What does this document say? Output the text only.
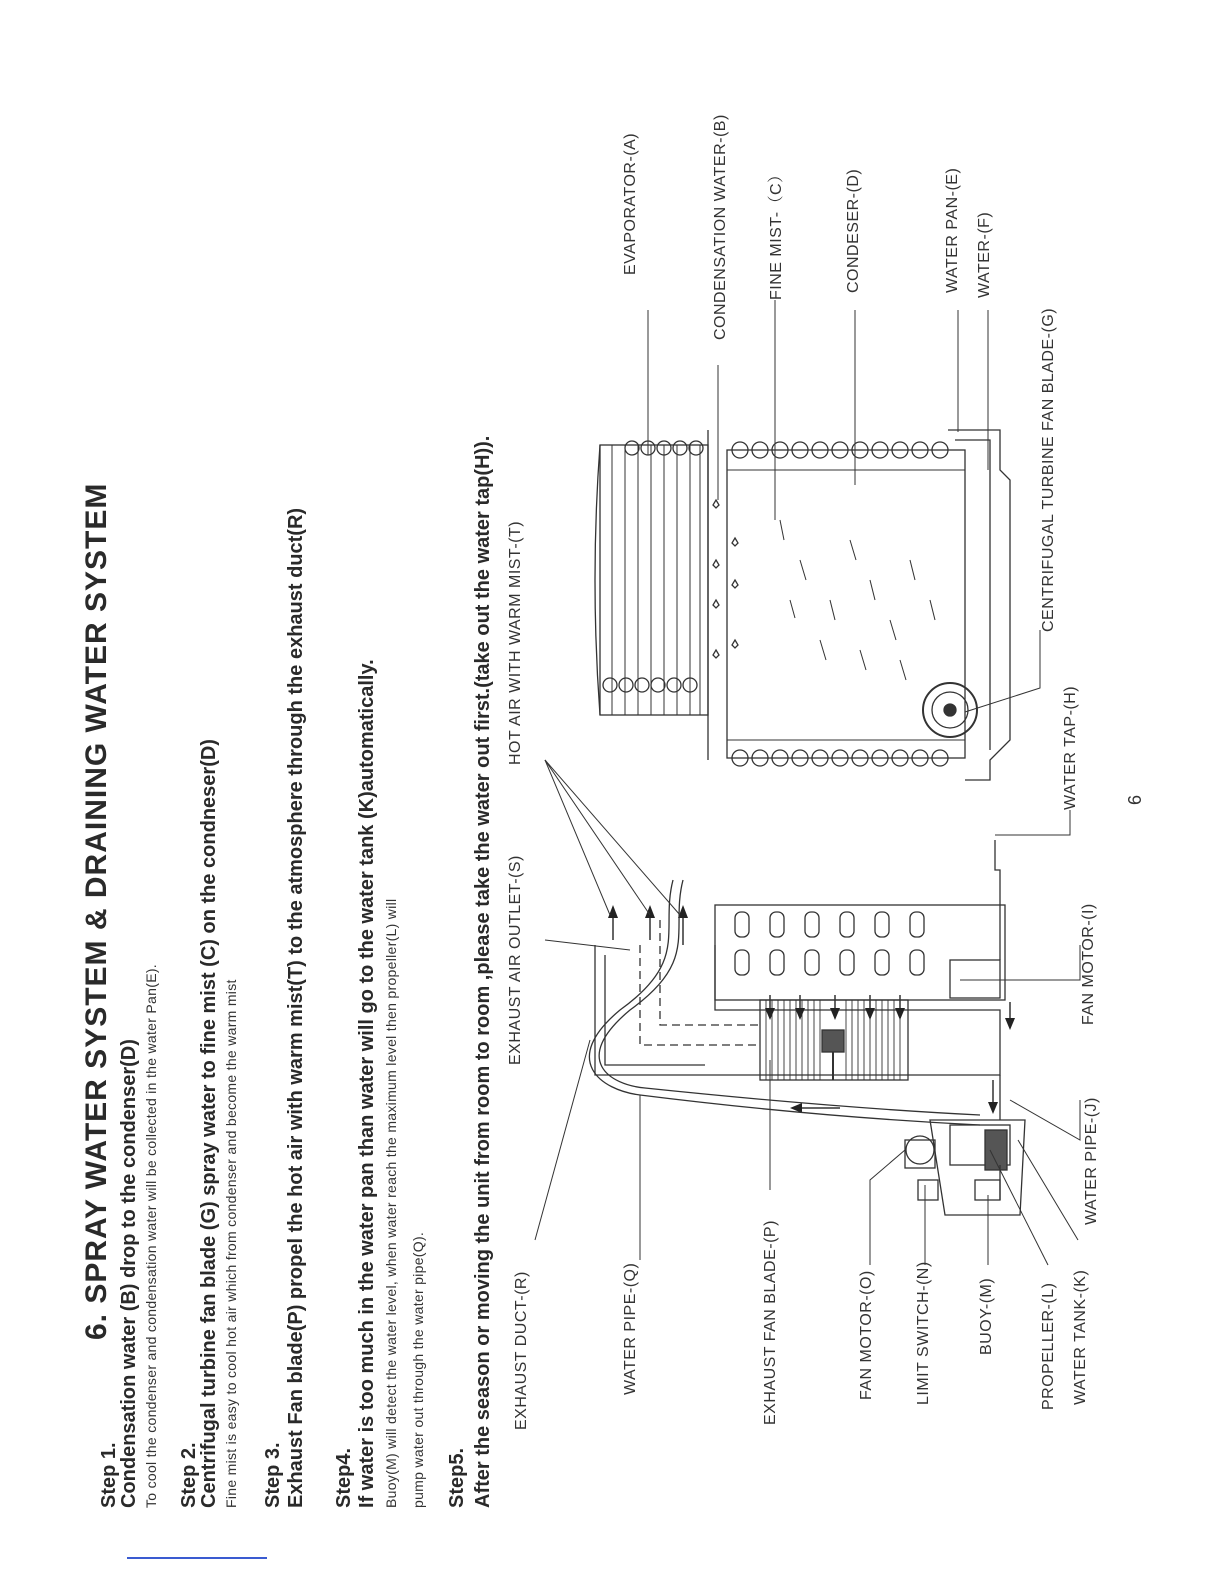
6. SPRAY WATER SYSTEM & DRAINING WATER SYSTEM
Step 1.
Condensation water (B) drop to the condenser(D) To cool the condenser and condensation water will be collected in the water Pan(E). Step 2.
Centrifugal turbine fan blade (G) spray water to fine mist (C) on the condneser(D) Fine mist is easy to cool hot air which from condenser and become the warm mist Step 3. Exhaust Fan blade(P) propel the hot air with warm mist(T) to the atmosphere through the exhaust duct(R) Step4. If water is too much in the water pan than water will go to the water tank (K)automatically. Buoy(M) will detect the water level, when water reach the maximum level then propeller(L) will pump water out through the water pipe(Q). Step5. After the season or moving the unit from room to room ,please take the water out first.(take out the water tap(H)).
EVAPORATOR-(A)	CONDENSATION WATER-(B)	FINE MIST-（C）	CONDESER-(D)	WATER PAN-(E) WATER-(F)
CENTRIFUGAL TURBINE FAN BLADE-(G)
WATER TAP-(H)
FAN MOTOR-(I)
WATER PIPE-(J)
HOT AIR WITH WARM MIST-(T)
EXHAUST AIR OUTLET-(S)
EXHAUST DUCT-(R)	WATER PIPE-(Q)	EXHAUST FAN BLADE-(P)	FAN MOTOR-(O)	LIMIT SWITCH-(N)	BUOY-(M)	PROPELLER-(L) WATER TANK-(K)
6
